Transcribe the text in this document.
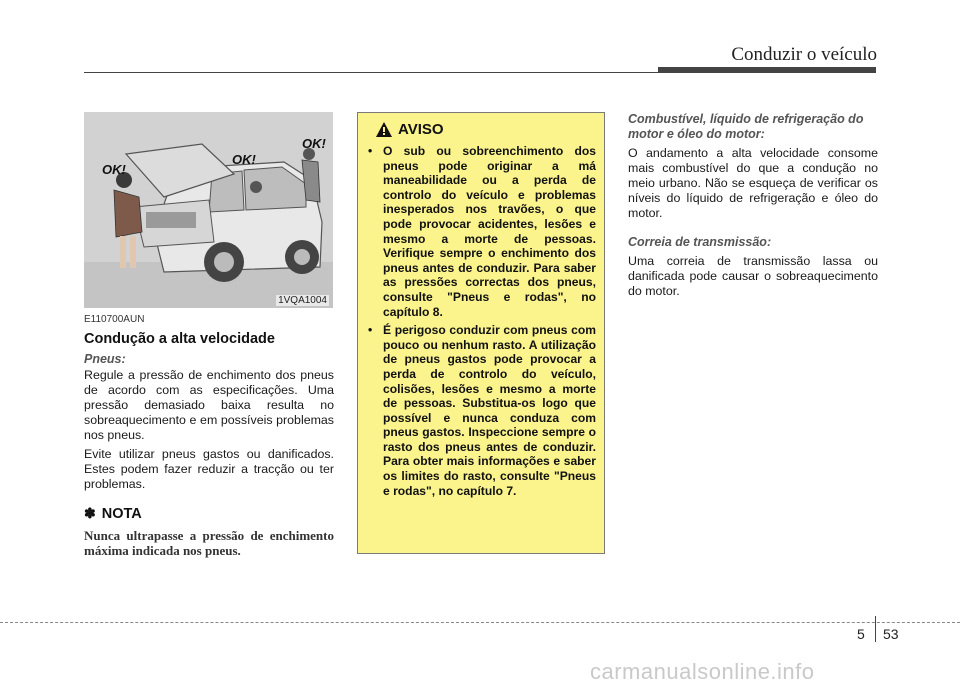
Conduzir o veículo
OK!
OK!
OK!
1VQA1004
E110700AUN
Condução a alta velocidade
Pneus:

Regule a pressão de enchimento dos pneus de acordo com as especificações. Uma pressão demasiado baixa resulta no sobreaquecimento e em possíveis problemas nos pneus.

Evite utilizar pneus gastos ou danificados. Estes podem fazer reduzir a tracção ou ter problemas.

✽ NOTA
Nunca ultrapasse a pressão de enchimento máxima indicada nos pneus.
AVISO
• O sub ou sobreenchimento dos pneus pode originar a má maneabilidade ou a perda de controlo do veículo e problemas inesperados nos travões, o que pode provocar acidentes, lesões e mesmo a morte de pessoas. Verifique sempre o enchimento dos pneus antes de conduzir. Para saber as pressões correctas dos pneus, consulte "Pneus e rodas", no capítulo 8.
• É perigoso conduzir com pneus com pouco ou nenhum rasto. A utilização de pneus gastos pode provocar a perda de controlo do veículo, colisões, lesões e mesmo a morte de pessoas. Substitua-os logo que possível e nunca conduza com pneus gastos. Inspeccione sempre o rasto dos pneus antes de conduzir. Para obter mais informações e saber os limites do rasto, consulte "Pneus e rodas", no capítulo 7.
Combustível, líquido de refrigeração do motor e óleo do motor:

O andamento a alta velocidade consome mais combustível do que a condução no meio urbano. Não se esqueça de verificar os níveis do líquido de refrigeração e óleo do motor.

Correia de transmissão:

Uma correia de transmissão lassa ou danificada pode causar o sobreaquecimento do motor.

5 53
carmanualsonline.info
